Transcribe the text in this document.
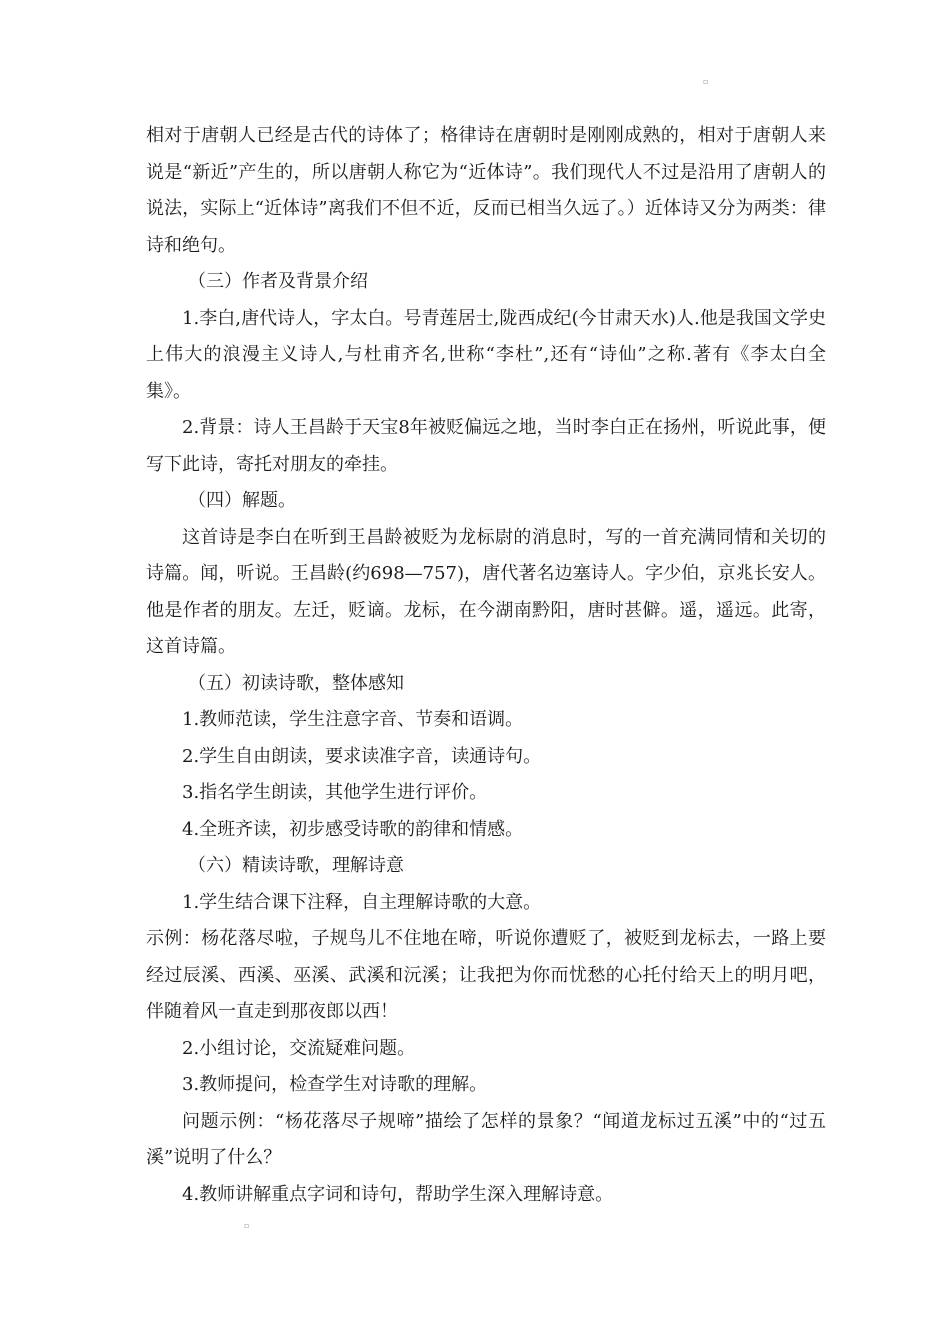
▫

相对于唐朝人已经是古代的诗体了；格律诗在唐朝时是刚刚成熟的，相对于唐朝人来说是“新近”产生的，所以唐朝人称它为“近体诗”。我们现代人不过是沿用了唐朝人的说法，实际上“近体诗”离我们不但不近，反而已相当久远了。）近体诗又分为两类：律诗和绝句。

（三）作者及背景介绍

1.李白,唐代诗人，字太白。号青莲居士,陇西成纪(今甘肃天水)人.他是我国文学史上伟大的浪漫主义诗人,与杜甫齐名,世称“李杜”,还有“诗仙”之称.著有《李太白全集》。

2.背景：诗人王昌龄于天宝8年被贬偏远之地，当时李白正在扬州，听说此事，便写下此诗，寄托对朋友的牵挂。

（四）解题。

这首诗是李白在听到王昌龄被贬为龙标尉的消息时，写的一首充满同情和关切的诗篇。闻，听说。王昌龄(约698—757)，唐代著名边塞诗人。字少伯，京兆长安人。他是作者的朋友。左迁，贬谪。龙标，在今湖南黔阳，唐时甚僻。遥，遥远。此寄，这首诗篇。

（五）初读诗歌，整体感知

1.教师范读，学生注意字音、节奏和语调。

2.学生自由朗读，要求读准字音，读通诗句。

3.指名学生朗读，其他学生进行评价。

4.全班齐读，初步感受诗歌的韵律和情感。

（六）精读诗歌，理解诗意

1.学生结合课下注释，自主理解诗歌的大意。

示例：杨花落尽啦，子规鸟儿不住地在啼，听说你遭贬了，被贬到龙标去，一路上要经过辰溪、西溪、巫溪、武溪和沅溪；让我把为你而忧愁的心托付给天上的明月吧，伴随着风一直走到那夜郎以西！

2.小组讨论，交流疑难问题。

3.教师提问，检查学生对诗歌的理解。

问题示例：“杨花落尽子规啼”描绘了怎样的景象？“闻道龙标过五溪”中的“过五溪”说明了什么？

4.教师讲解重点字词和诗句，帮助学生深入理解诗意。

▫
